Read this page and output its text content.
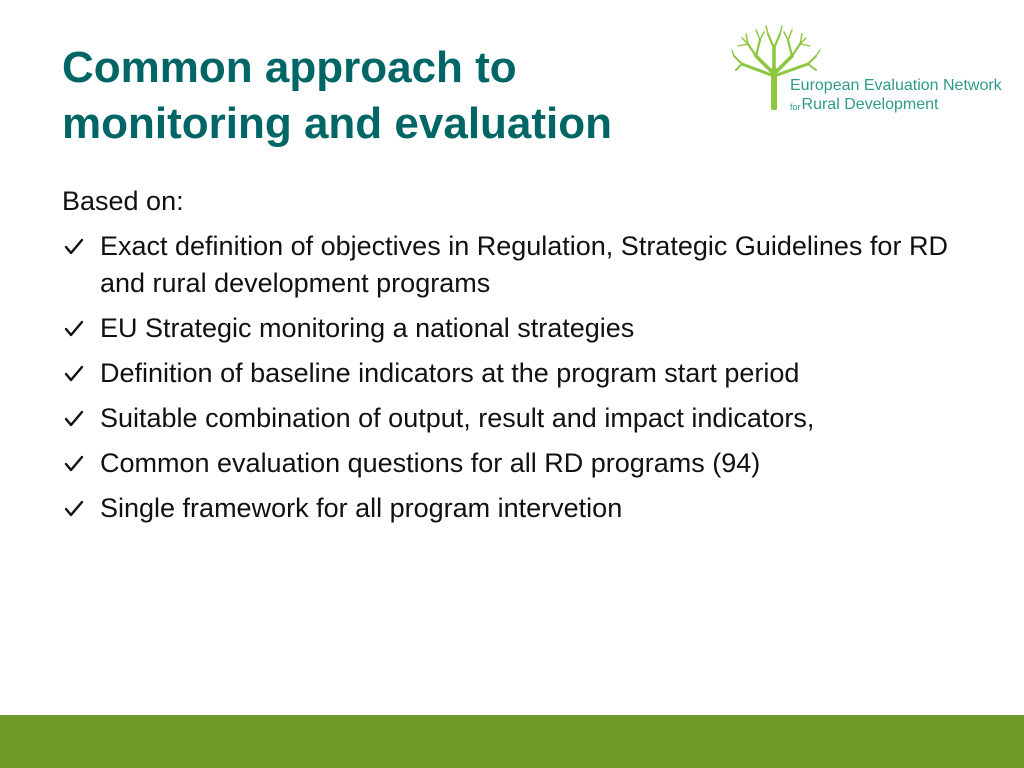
Common approach to
monitoring and evaluation
European Evaluation Network
forRural Development

Based on:

Exact definition of objectives in Regulation, Strategic Guidelines for RD and rural development programs
EU Strategic monitoring a national strategies
Definition of baseline indicators at the program start period
Suitable combination of output, result and impact indicators,
Common evaluation questions for all RD programs (94)
Single framework for all program intervetion
